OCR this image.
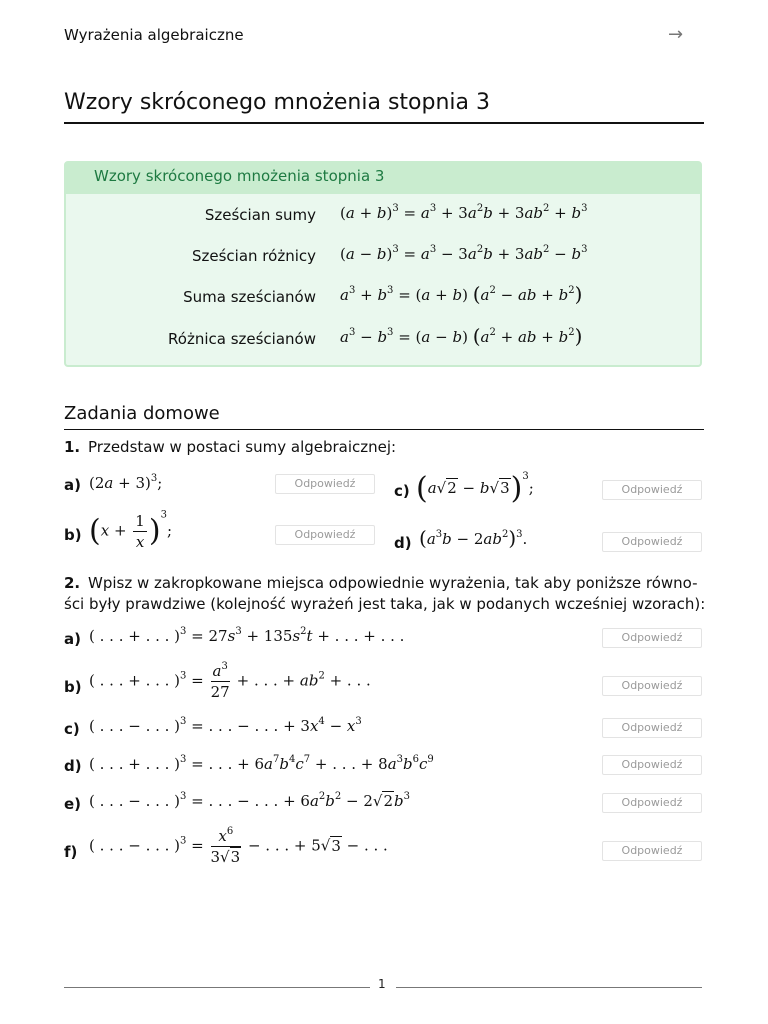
Wyrażenia algebraiczne	→
Wzory skróconego mnożenia stopnia 3
Wzory skróconego mnożenia stopnia 3
Sześcian sumy $(a + b)^3 = a^3 + 3a^2b + 3ab^2 + b^3$
Sześcian różnicy $(a - b)^3 = a^3 - 3a^2b + 3ab^2 - b^3$
Suma sześcianów $a^3 + b^3 = (a + b) (a^2$ − ab + $b^2$)
Różnica sześcianów $a^3 - b^3 = (a - b) (a^2$ + ab + $b^2$)
Zadania domowe
1. Przedstaw w postaci sumy algebraicznej:
a) $(2a + 3)^3$;	Odpowiedź	c) $(a√2 - b√3)^3$;	Odpowiedź
b) $(x + \frac{1}{x} )^3$;	Odpowiedź	d) $(a^3b - 2ab^2)^3$.	Odpowiedź
2. Wpisz w zakropkowane miejsca odpowiednie wyrażenia, tak aby poniższe równo-
ści były prawdziwe (kolejność wyrażeń jest taka, jak w podanych wcześniej wzorach):
a) ( . . . + . . . )$^3 = 27s^3 + 135s^2t$ + . . . + . . .	Odpowiedź
b) ( . . . + . . . )$^3 = \frac{a^3}{27}$ + . . . + $ab^2$ + . . .	Odpowiedź
c) ( . . . − . . . )$^3$ = . . . − . . . + $3x^4 - x^3$	Odpowiedź
d) ( . . . + . . . )$^3$ = . . . + $6a^7b^4c^7$ + . . . + $8a^3b^6c^9$	Odpowiedź
e) ( . . . − . . . )$^3$ = . . . − . . . + $6a^2b^2 - 2√2b^3$	Odpowiedź
f) ( . . . − . . . )$^3 = \frac{x^6}{3√3}$ − . . . + 5√3 − . . .	Odpowiedź
1
